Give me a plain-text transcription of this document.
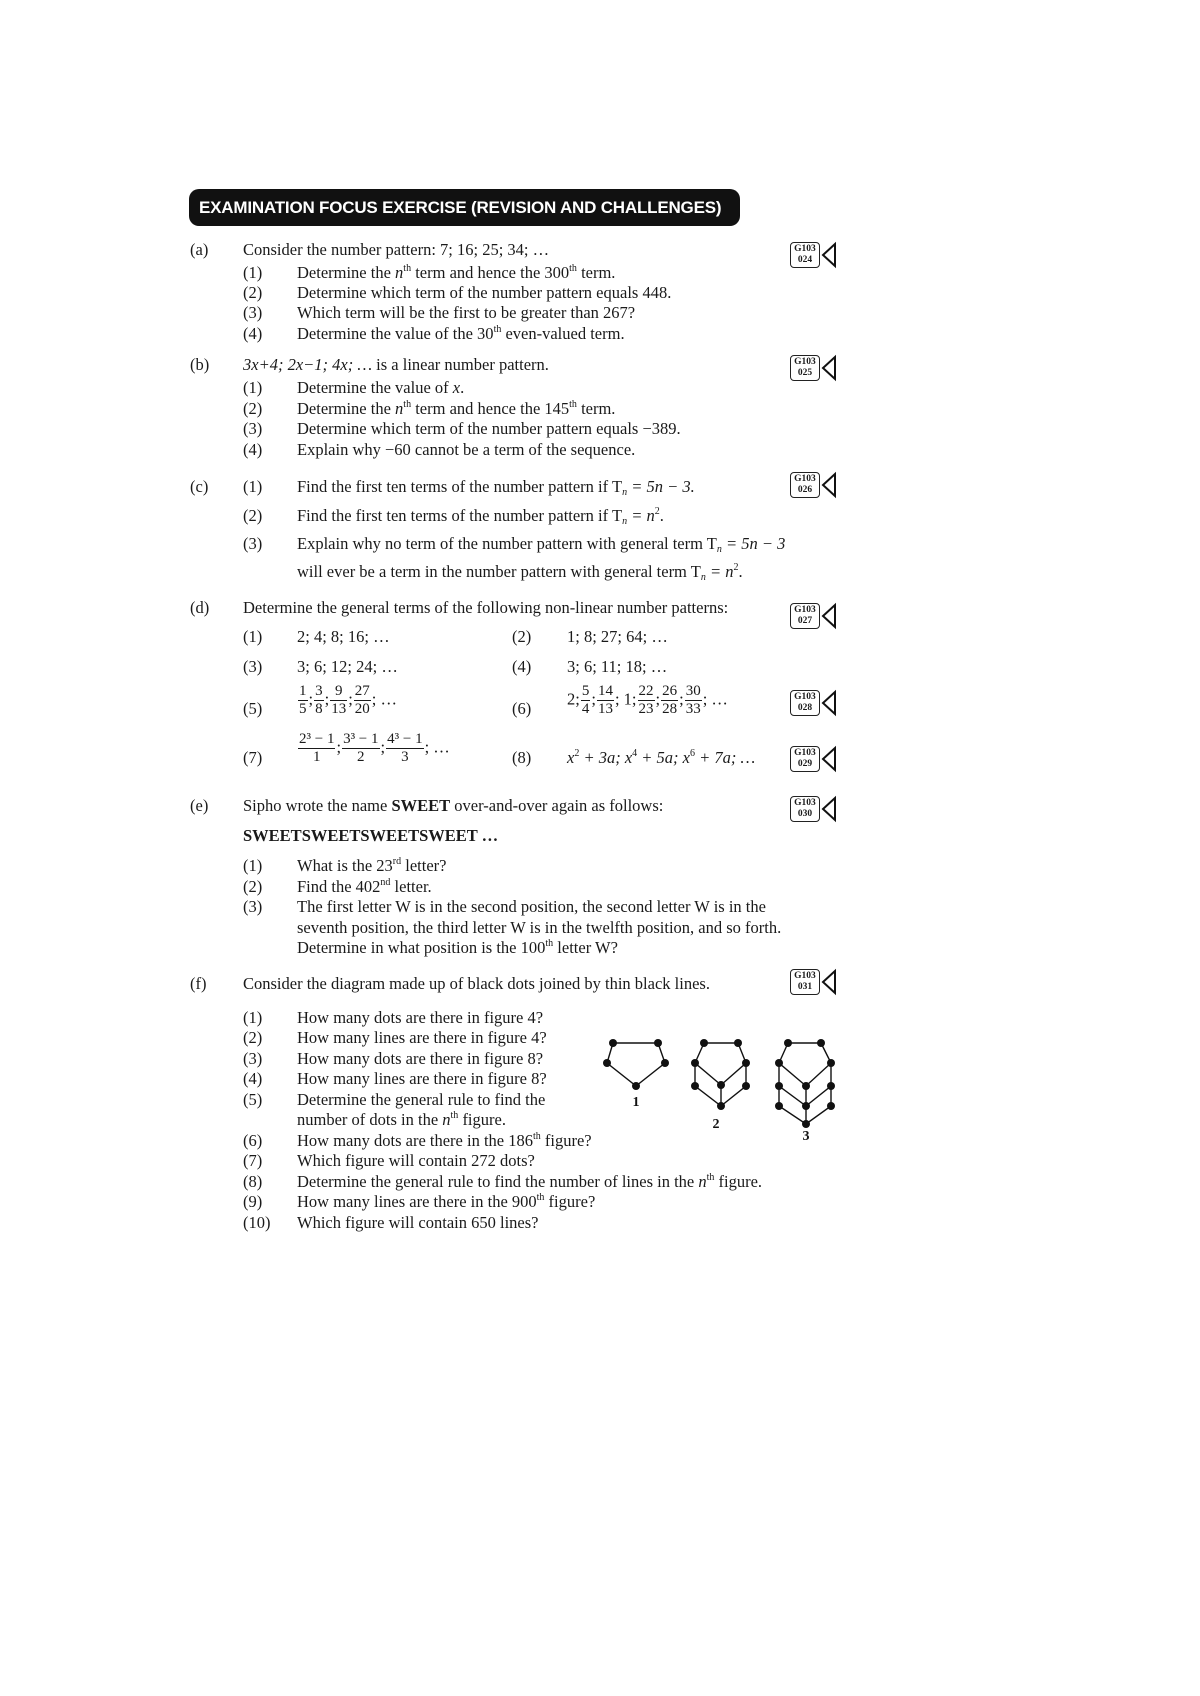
EXAMINATION FOCUS EXERCISE (REVISION AND CHALLENGES)
(a) Consider the number pattern: 7; 16; 25; 34; …
(1) Determine the $n^{th}$ term and hence the 300th term.
(2) Determine which term of the number pattern equals 448.
(3) Which term will be the first to be greater than 267?
(4) Determine the value of the 30th even-valued term.
(b) 3x+4; 2x−1; 4x; … is a linear number pattern.
(1) Determine the value of x.
(2) Determine the $n^{th}$ term and hence the 145th term.
(3) Determine which term of the number pattern equals −389.
(4) Explain why −60 cannot be a term of the sequence.
(c) (1) Find the first ten terms of the number pattern if $T_n = 5n - 3$.
(2) Find the first ten terms of the number pattern if $T_n = n^2$.
(3) Explain why no term of the number pattern with general term $T_n = 5n - 3$
will ever be a term in the number pattern with general term $T_n = n^2$.
(d) Determine the general terms of the following non-linear number patterns:
(1) 2; 4; 8; 16; …	(2) 1; 8; 27; 64; …
(3) 3; 6; 12; 24; …	(4) 3; 6; 11; 18; …
$(5) \frac{1}{5}$ ; $\frac{3}{8}$ ; $\frac{9}{13}$ ; $\frac{27}{20}$ ; …
(6)
2; $\frac{5}{4}$ ; $\frac{14}{13}$ ; 1; $\frac{22}{23}$ ; $\frac{26}{28}$ ; $\frac{30}{33}$ ; …
$(7) \frac{\text{2³ − 1}}{1}$ ; $\frac{\text{3³ − 1}}{2}$ ; $\frac{\text{4³ − 1}}{3}$ ; …
(8) $x^2 + 3a$; $x^4 + 5a$; $x^6 + 7a$; …
(e) Sipho wrote the name SWEET over-and-over again as follows:
SWEETSWEETSWEETSWEET …
(1) What is the 23rd letter?
(2) Find the 402nd letter.
(3) The first letter W is in the second position, the second letter W is in the
seventh position, the third letter W is in the twelfth position, and so forth.
Determine in what position is the 100th letter W?
(f) Consider the diagram made up of black dots joined by thin black lines.
(1) How many dots are there in figure 4?
(2) How many lines are there in figure 4?
(3) How many dots are there in figure 8?
(4) How many lines are there in figure 8?
(5) Determine the general rule to find the
number of dots in the $n^{th}$ figure.
(6) How many dots are there in the 186th figure?
(7) Which figure will contain 272 dots?
(8) Determine the general rule to find the number of lines in the $n^{th}$ figure.
(9) How many lines are there in the 900th figure?
(10) Which figure will contain 650 lines?
1
2
3
G103
024
G103
025
G103
026
G103
027
G103
028
G103
029
G103
030
G103
031
